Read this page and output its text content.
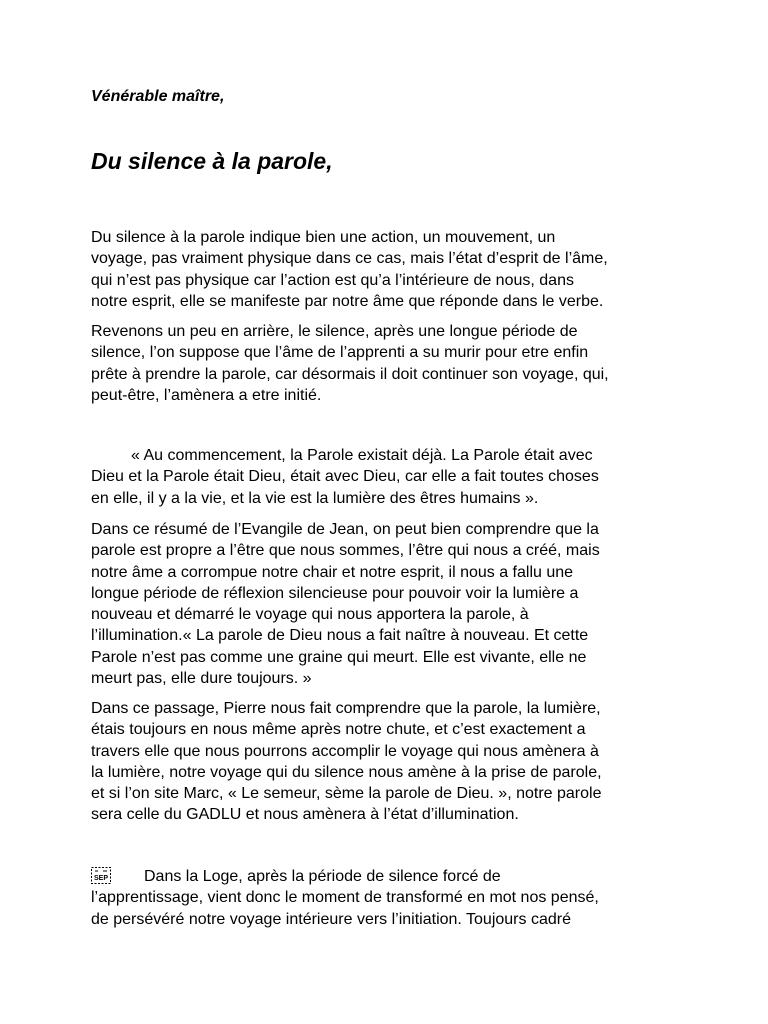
Vénérable maître,

Du silence à la parole,

Du silence à la parole indique bien une action, un mouvement, un
voyage, pas vraiment physique dans ce cas, mais l’état d’esprit de l’âme,
qui n’est pas physique car l’action est qu’a l’intérieure de nous, dans
notre esprit, elle se manifeste par notre âme que réponde dans le verbe.

Revenons un peu en arrière, le silence, après une longue période de
silence, l’on suppose que l’âme de l’apprenti a su murir pour etre enfin
prête à prendre la parole, car désormais il doit continuer son voyage, qui,
peut-être, l’amènera a etre initié.

« Au commencement, la Parole existait déjà. La Parole était avec
Dieu et la Parole était Dieu, était avec Dieu, car elle a fait toutes choses
en elle, il y a la vie, et la vie est la lumière des êtres humains ».

Dans ce résumé de l’Evangile de Jean, on peut bien comprendre que la
parole est propre a l’être que nous sommes, l’être qui nous a créé, mais
notre âme a corrompue notre chair et notre esprit, il nous a fallu une
longue période de réflexion silencieuse pour pouvoir voir la lumière a
nouveau et démarré le voyage qui nous apportera la parole, à
l’illumination.« La parole de Dieu nous a fait naître à nouveau. Et cette
Parole n’est pas comme une graine qui meurt. Elle est vivante, elle ne
meurt pas, elle dure toujours. »

Dans ce passage, Pierre nous fait comprendre que la parole, la lumière,
étais toujours en nous même après notre chute, et c’est exactement a
travers elle que nous pourrons accomplir le voyage qui nous amènera à
la lumière, notre voyage qui du silence nous amène à la prise de parole,
et si l’on site Marc, « Le semeur, sème la parole de Dieu. », notre parole
sera celle du GADLU et nous amènera à l’état d’illumination.

SEP Dans la Loge, après la période de silence forcé de
l’apprentissage, vient donc le moment de transformé en mot nos pensé,
de persévéré notre voyage intérieure vers l’initiation. Toujours cadré
